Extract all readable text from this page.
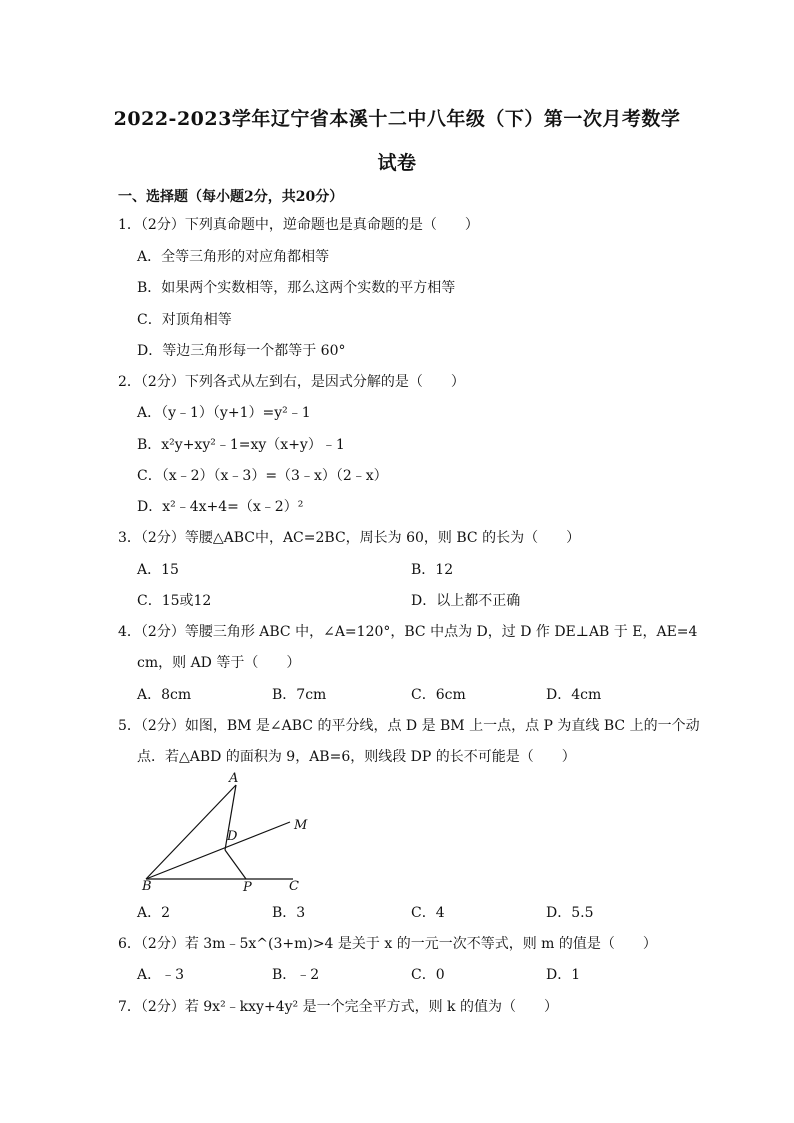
2022-2023学年辽宁省本溪十二中八年级（下）第一次月考数学
试卷
一、选择题（每小题2分，共20分）
1．（2分）下列真命题中，逆命题也是真命题的是（　　）
A．全等三角形的对应角都相等
B．如果两个实数相等，那么这两个实数的平方相等
C．对顶角相等
D．等边三角形每一个都等于 60°
2．（2分）下列各式从左到右，是因式分解的是（　　）
A．（y﹣1）（y+1）=y²﹣1
B．x²y+xy²﹣1=xy（x+y）﹣1
C．（x﹣2）（x﹣3）=（3﹣x）（2﹣x）
D．x²﹣4x+4=（x﹣2）²
3．（2分）等腰△ABC中，AC=2BC，周长为 60，则 BC 的长为（　　）
A．15	B．12
C．15或12	D．以上都不正确
4．（2分）等腰三角形 ABC 中，∠A=120°，BC 中点为 D，过 D 作 DE⊥AB 于 E，AE=4
cm，则 AD 等于（　　）
A．8cm	B．7cm	C．6cm	D．4cm
5．（2分）如图，BM 是∠ABC 的平分线，点 D 是 BM 上一点，点 P 为直线 BC 上的一个动
点．若△ABD 的面积为 9，AB=6，则线段 DP 的长不可能是（　　）
A
B	C
D
M
P
A．2	B．3	C．4	D．5.5
6．（2分）若 3m﹣5x^(3+m)>4 是关于 x 的一元一次不等式，则 m 的值是（　　）
A．﹣3	B．﹣2	C．0	D．1
7．（2分）若 9x²﹣kxy+4y² 是一个完全平方式，则 k 的值为（　　）
